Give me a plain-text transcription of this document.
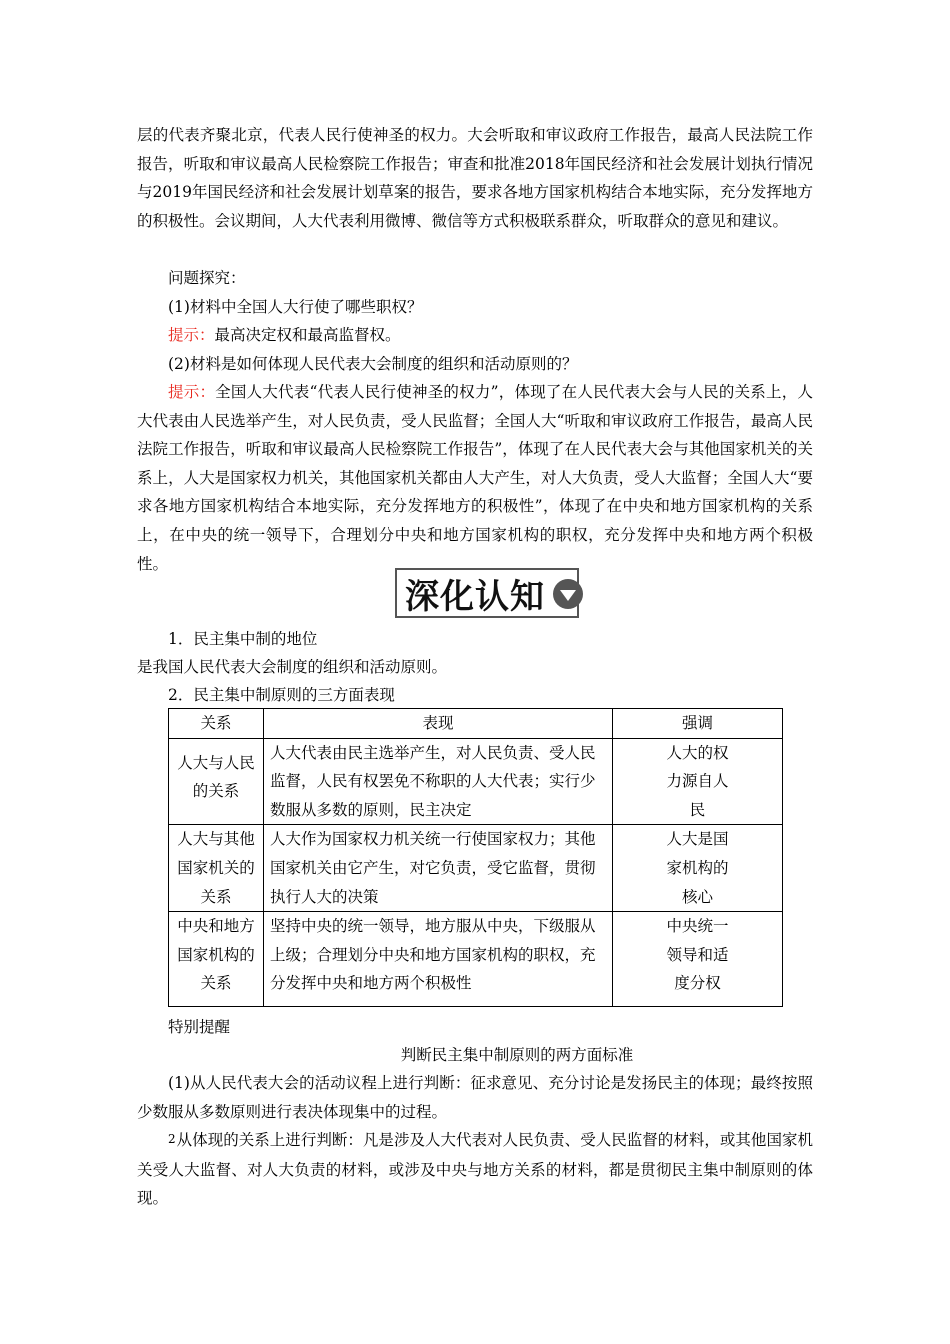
层的代表齐聚北京，代表人民行使神圣的权力。大会听取和审议政府工作报告，最高人民法院工作报告，听取和审议最高人民检察院工作报告；审查和批准2018年国民经济和社会发展计划执行情况与2019年国民经济和社会发展计划草案的报告，要求各地方国家机构结合本地实际，充分发挥地方的积极性。会议期间，人大代表利用微博、微信等方式积极联系群众，听取群众的意见和建议。

问题探究：

(1)材料中全国人大行使了哪些职权？

提示：最高决定权和最高监督权。

(2)材料是如何体现人民代表大会制度的组织和活动原则的？

提示：全国人大代表“代表人民行使神圣的权力”，体现了在人民代表大会与人民的关系上，人大代表由人民选举产生，对人民负责，受人民监督；全国人大“听取和审议政府工作报告，最高人民法院工作报告，听取和审议最高人民检察院工作报告”，体现了在人民代表大会与其他国家机关的关系上，人大是国家权力机关，其他国家机关都由人大产生，对人大负责，受人大监督；全国人大“要求各地方国家机构结合本地实际，充分发挥地方的积极性”，体现了在中央和地方国家机构的关系上，在中央的统一领导下，合理划分中央和地方国家机构的职权，充分发挥中央和地方两个积极性。

深化认知

1．民主集中制的地位

是我国人民代表大会制度的组织和活动原则。

2．民主集中制原则的三方面表现

关系	表现	强调
人大与人民的关系	人大代表由民主选举产生，对人民负责、受人民监督，人民有权罢免不称职的人大代表；实行少数服从多数的原则，民主决定	人大的权力源自人民
人大与其他国家机关的关系	人大作为国家权力机关统一行使国家权力；其他国家机关由它产生，对它负责，受它监督，贯彻执行人大的决策	人大是国家机构的核心
中央和地方国家机构的关系	坚持中央的统一领导，地方服从中央，下级服从上级；合理划分中央和地方国家机构的职权，充分发挥中央和地方两个积极性	中央统一领导和适度分权

特别提醒

判断民主集中制原则的两方面标准

(1)从人民代表大会的活动议程上进行判断：征求意见、充分讨论是发扬民主的体现；最终按照少数服从多数原则进行表决体现集中的过程。

2从体现的关系上进行判断：凡是涉及人大代表对人民负责、受人民监督的材料，或其他国家机关受人大监督、对人大负责的材料，或涉及中央与地方关系的材料，都是贯彻民主集中制原则的体现。
